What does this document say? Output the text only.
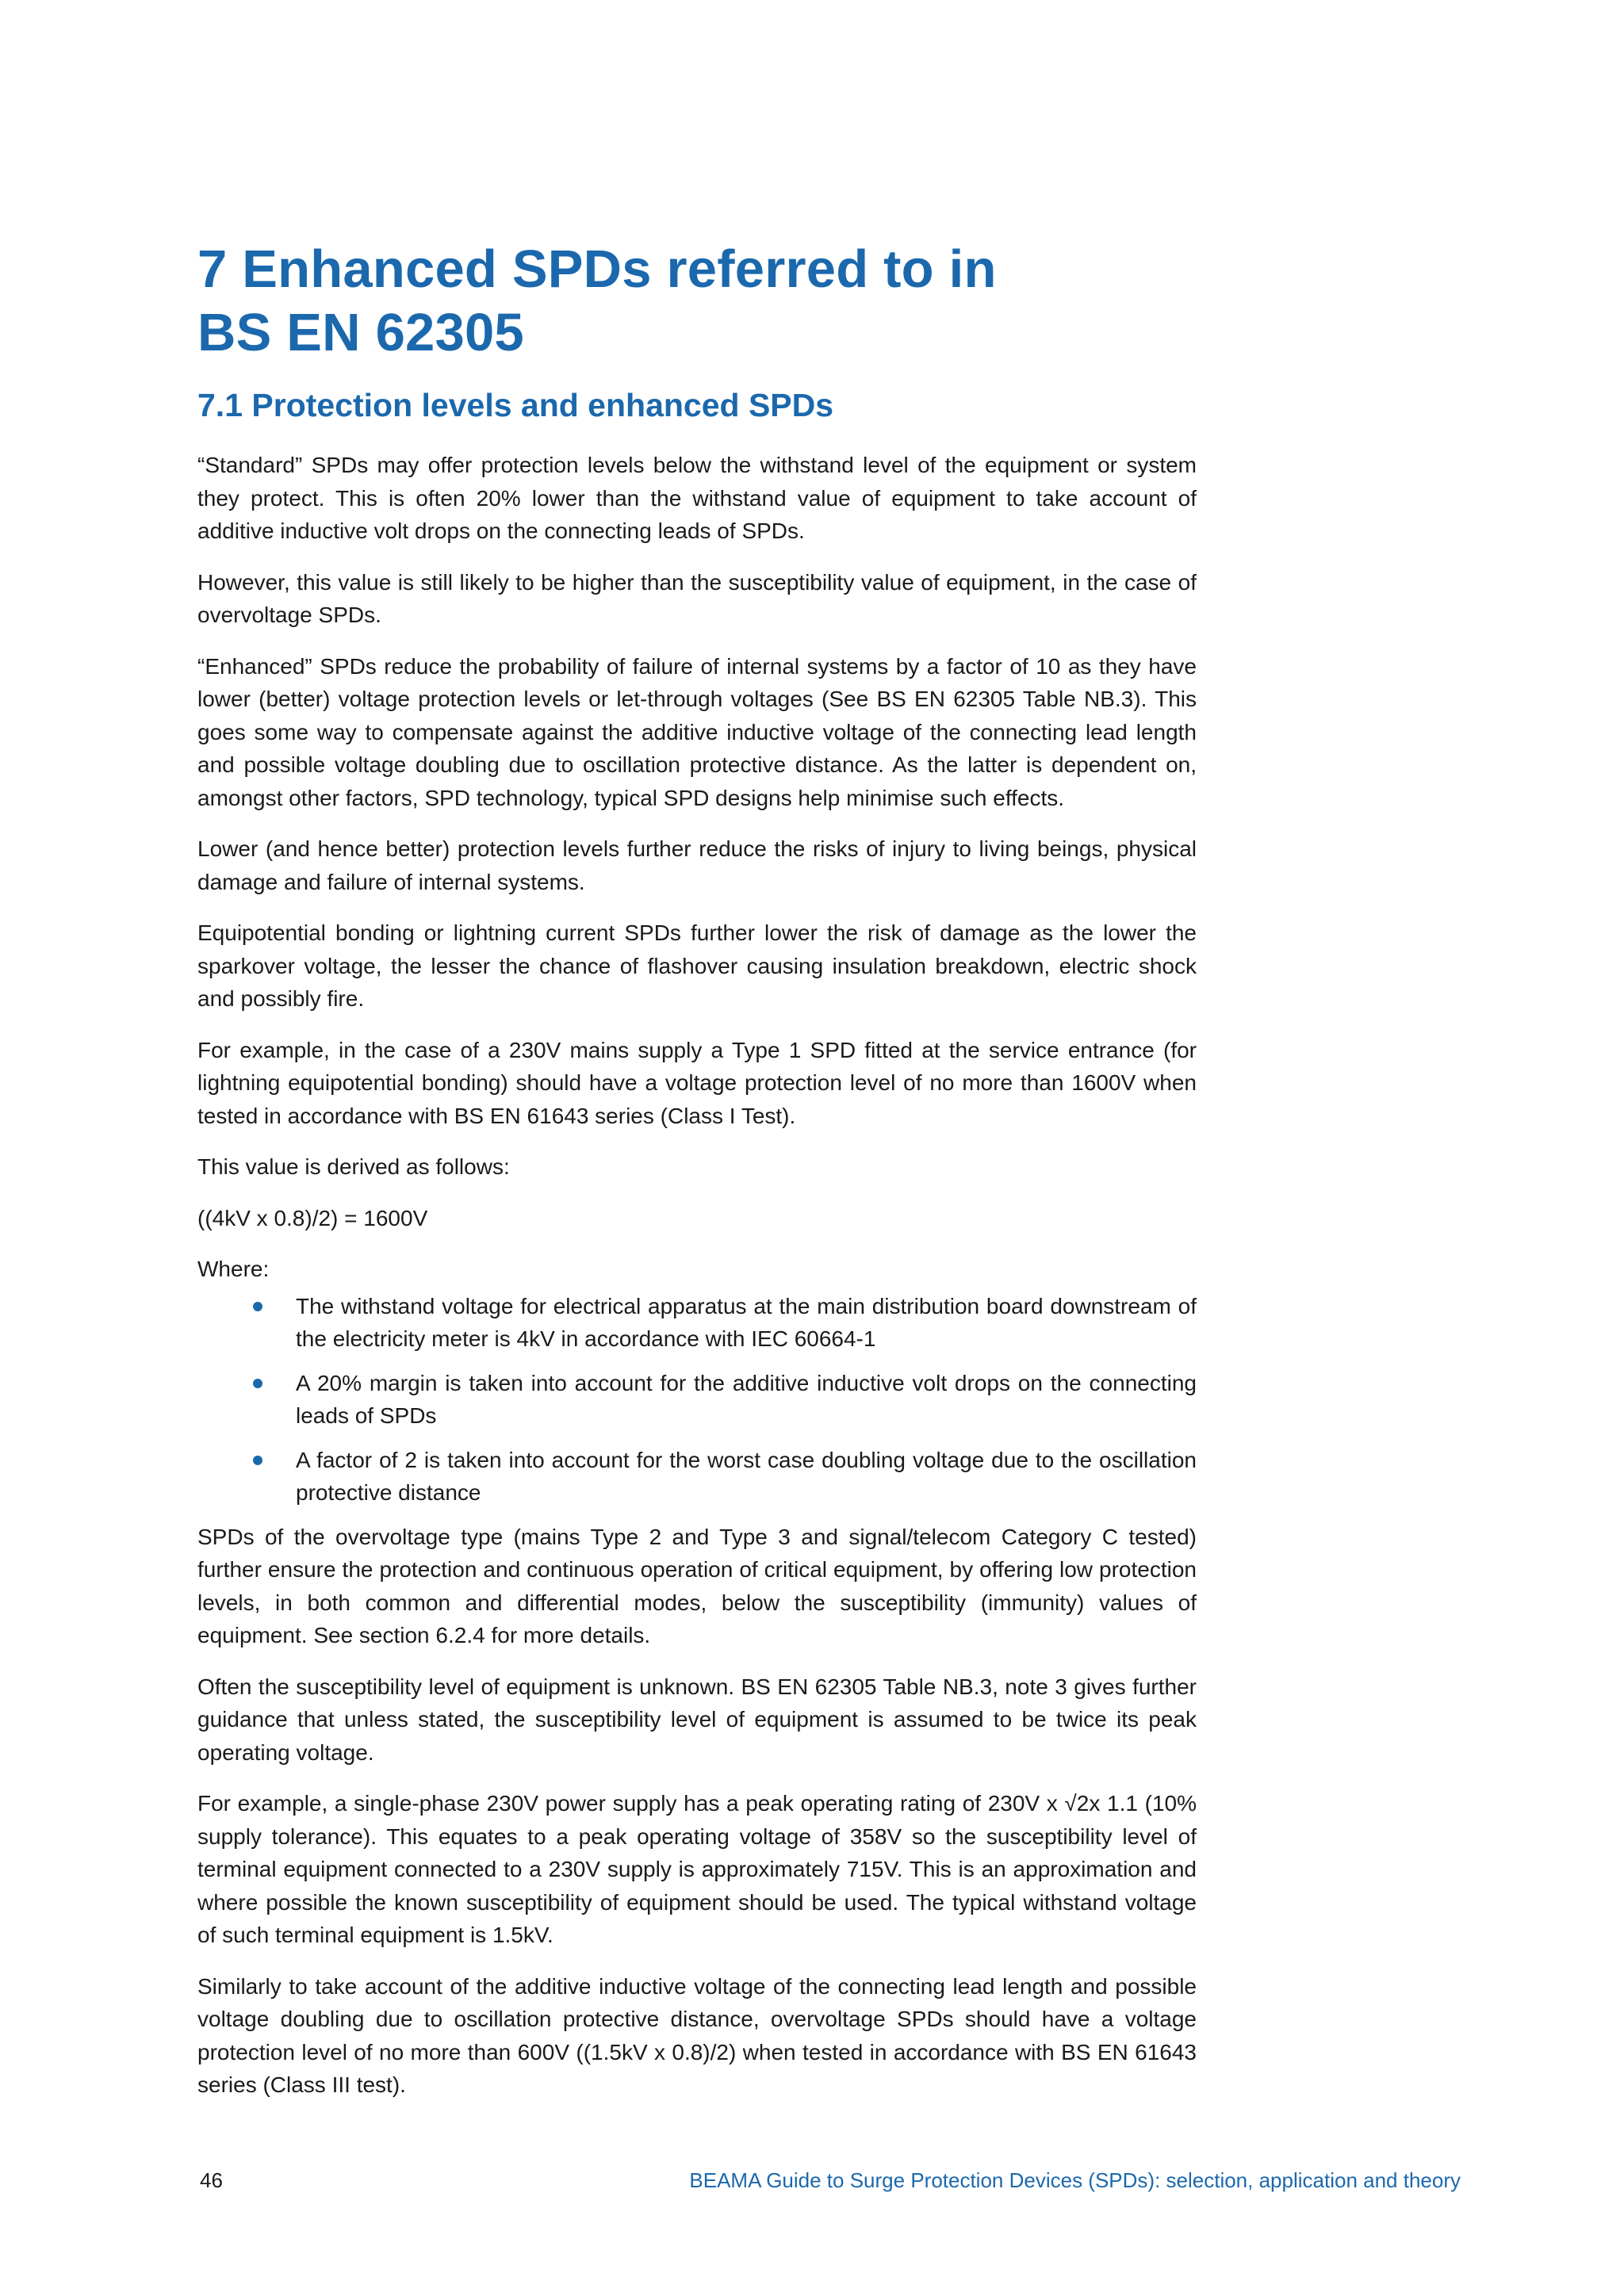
7 Enhanced SPDs referred to in
BS EN 62305
7.1 Protection levels and enhanced SPDs

“Standard” SPDs may offer protection levels below the withstand level of the equipment or system they protect. This is often 20% lower than the withstand value of equipment to take account of additive inductive volt drops on the connecting leads of SPDs.

However, this value is still likely to be higher than the susceptibility value of equipment, in the case of overvoltage SPDs.

“Enhanced” SPDs reduce the probability of failure of internal systems by a factor of 10 as they have lower (better) voltage protection levels or let-through voltages (See BS EN 62305 Table NB.3). This goes some way to compensate against the additive inductive voltage of the connecting lead length and possible voltage doubling due to oscillation protective distance. As the latter is dependent on, amongst other factors, SPD technology, typical SPD designs help minimise such effects.

Lower (and hence better) protection levels further reduce the risks of injury to living beings, physical damage and failure of internal systems.

Equipotential bonding or lightning current SPDs further lower the risk of damage as the lower the sparkover voltage, the lesser the chance of flashover causing insulation breakdown, electric shock and possibly fire.

For example, in the case of a 230V mains supply a Type 1 SPD fitted at the service entrance (for lightning equipotential bonding) should have a voltage protection level of no more than 1600V when tested in accordance with BS EN 61643 series (Class I Test).

This value is derived as follows:

((4kV x 0.8)/2) = 1600V

Where:

The withstand voltage for electrical apparatus at the main distribution board downstream of the electricity meter is 4kV in accordance with IEC 60664-1
A 20% margin is taken into account for the additive inductive volt drops on the connecting leads of SPDs
A factor of 2 is taken into account for the worst case doubling voltage due to the oscillation protective distance

SPDs of the overvoltage type (mains Type 2 and Type 3 and signal/telecom Category C tested) further ensure the protection and continuous operation of critical equipment, by offering low protection levels, in both common and differential modes, below the susceptibility (immunity) values of equipment. See section 6.2.4 for more details.

Often the susceptibility level of equipment is unknown. BS EN 62305 Table NB.3, note 3 gives further guidance that unless stated, the susceptibility level of equipment is assumed to be twice its peak operating voltage.

For example, a single-phase 230V power supply has a peak operating rating of 230V x √2x 1.1 (10% supply tolerance). This equates to a peak operating voltage of 358V so the susceptibility level of terminal equipment connected to a 230V supply is approximately 715V. This is an approximation and where possible the known susceptibility of equipment should be used. The typical withstand voltage of such terminal equipment is 1.5kV.

Similarly to take account of the additive inductive voltage of the connecting lead length and possible voltage doubling due to oscillation protective distance, overvoltage SPDs should have a voltage protection level of no more than 600V ((1.5kV x 0.8)/2) when tested in accordance with BS EN 61643 series (Class III test).

46	BEAMA Guide to Surge Protection Devices (SPDs): selection, application and theory
